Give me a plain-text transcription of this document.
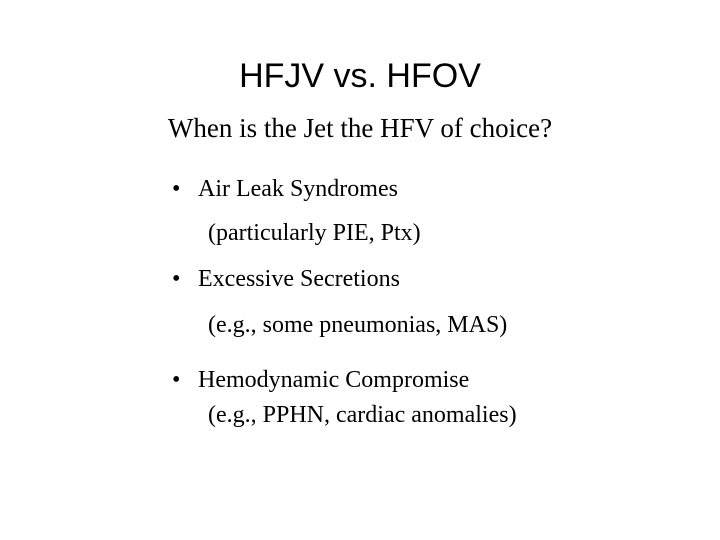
HFJV vs. HFOV
When is the Jet the HFV of choice?
• Air Leak Syndromes
(particularly PIE, Ptx)
• Excessive Secretions
(e.g., some pneumonias, MAS)
• Hemodynamic Compromise
(e.g., PPHN, cardiac anomalies)
